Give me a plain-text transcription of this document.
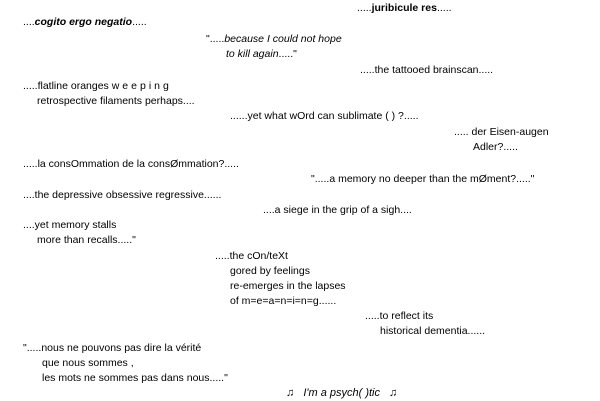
.....juribicule res.....
....cogito ergo negatio.....
".....because I could not hope
to kill again....."
.....the tattooed brainscan.....
.....flatline oranges weeping
retrospective filaments perhaps....
......yet what wOrd can sublimate ( ) ?.....
..... der Eisen-augen
Adler?.....
.....la consOmmation de la consØmmation?.....
".....a memory no deeper than the mØment?....."
....the depressive obsessive regressive......
....a siege in the grip of a sigh....
....yet memory stalls
more than recalls....."
.....the cOn/teXt
gored by feelings
re-emerges in the lapses
of m=e=a=n=i=n=g......
.....to reflect its
historical dementia......
".....nous ne pouvons pas dire la vérité
que nous sommes ,
les mots ne sommes pas dans nous....."
♫ I'm a psych( )tic ♫
